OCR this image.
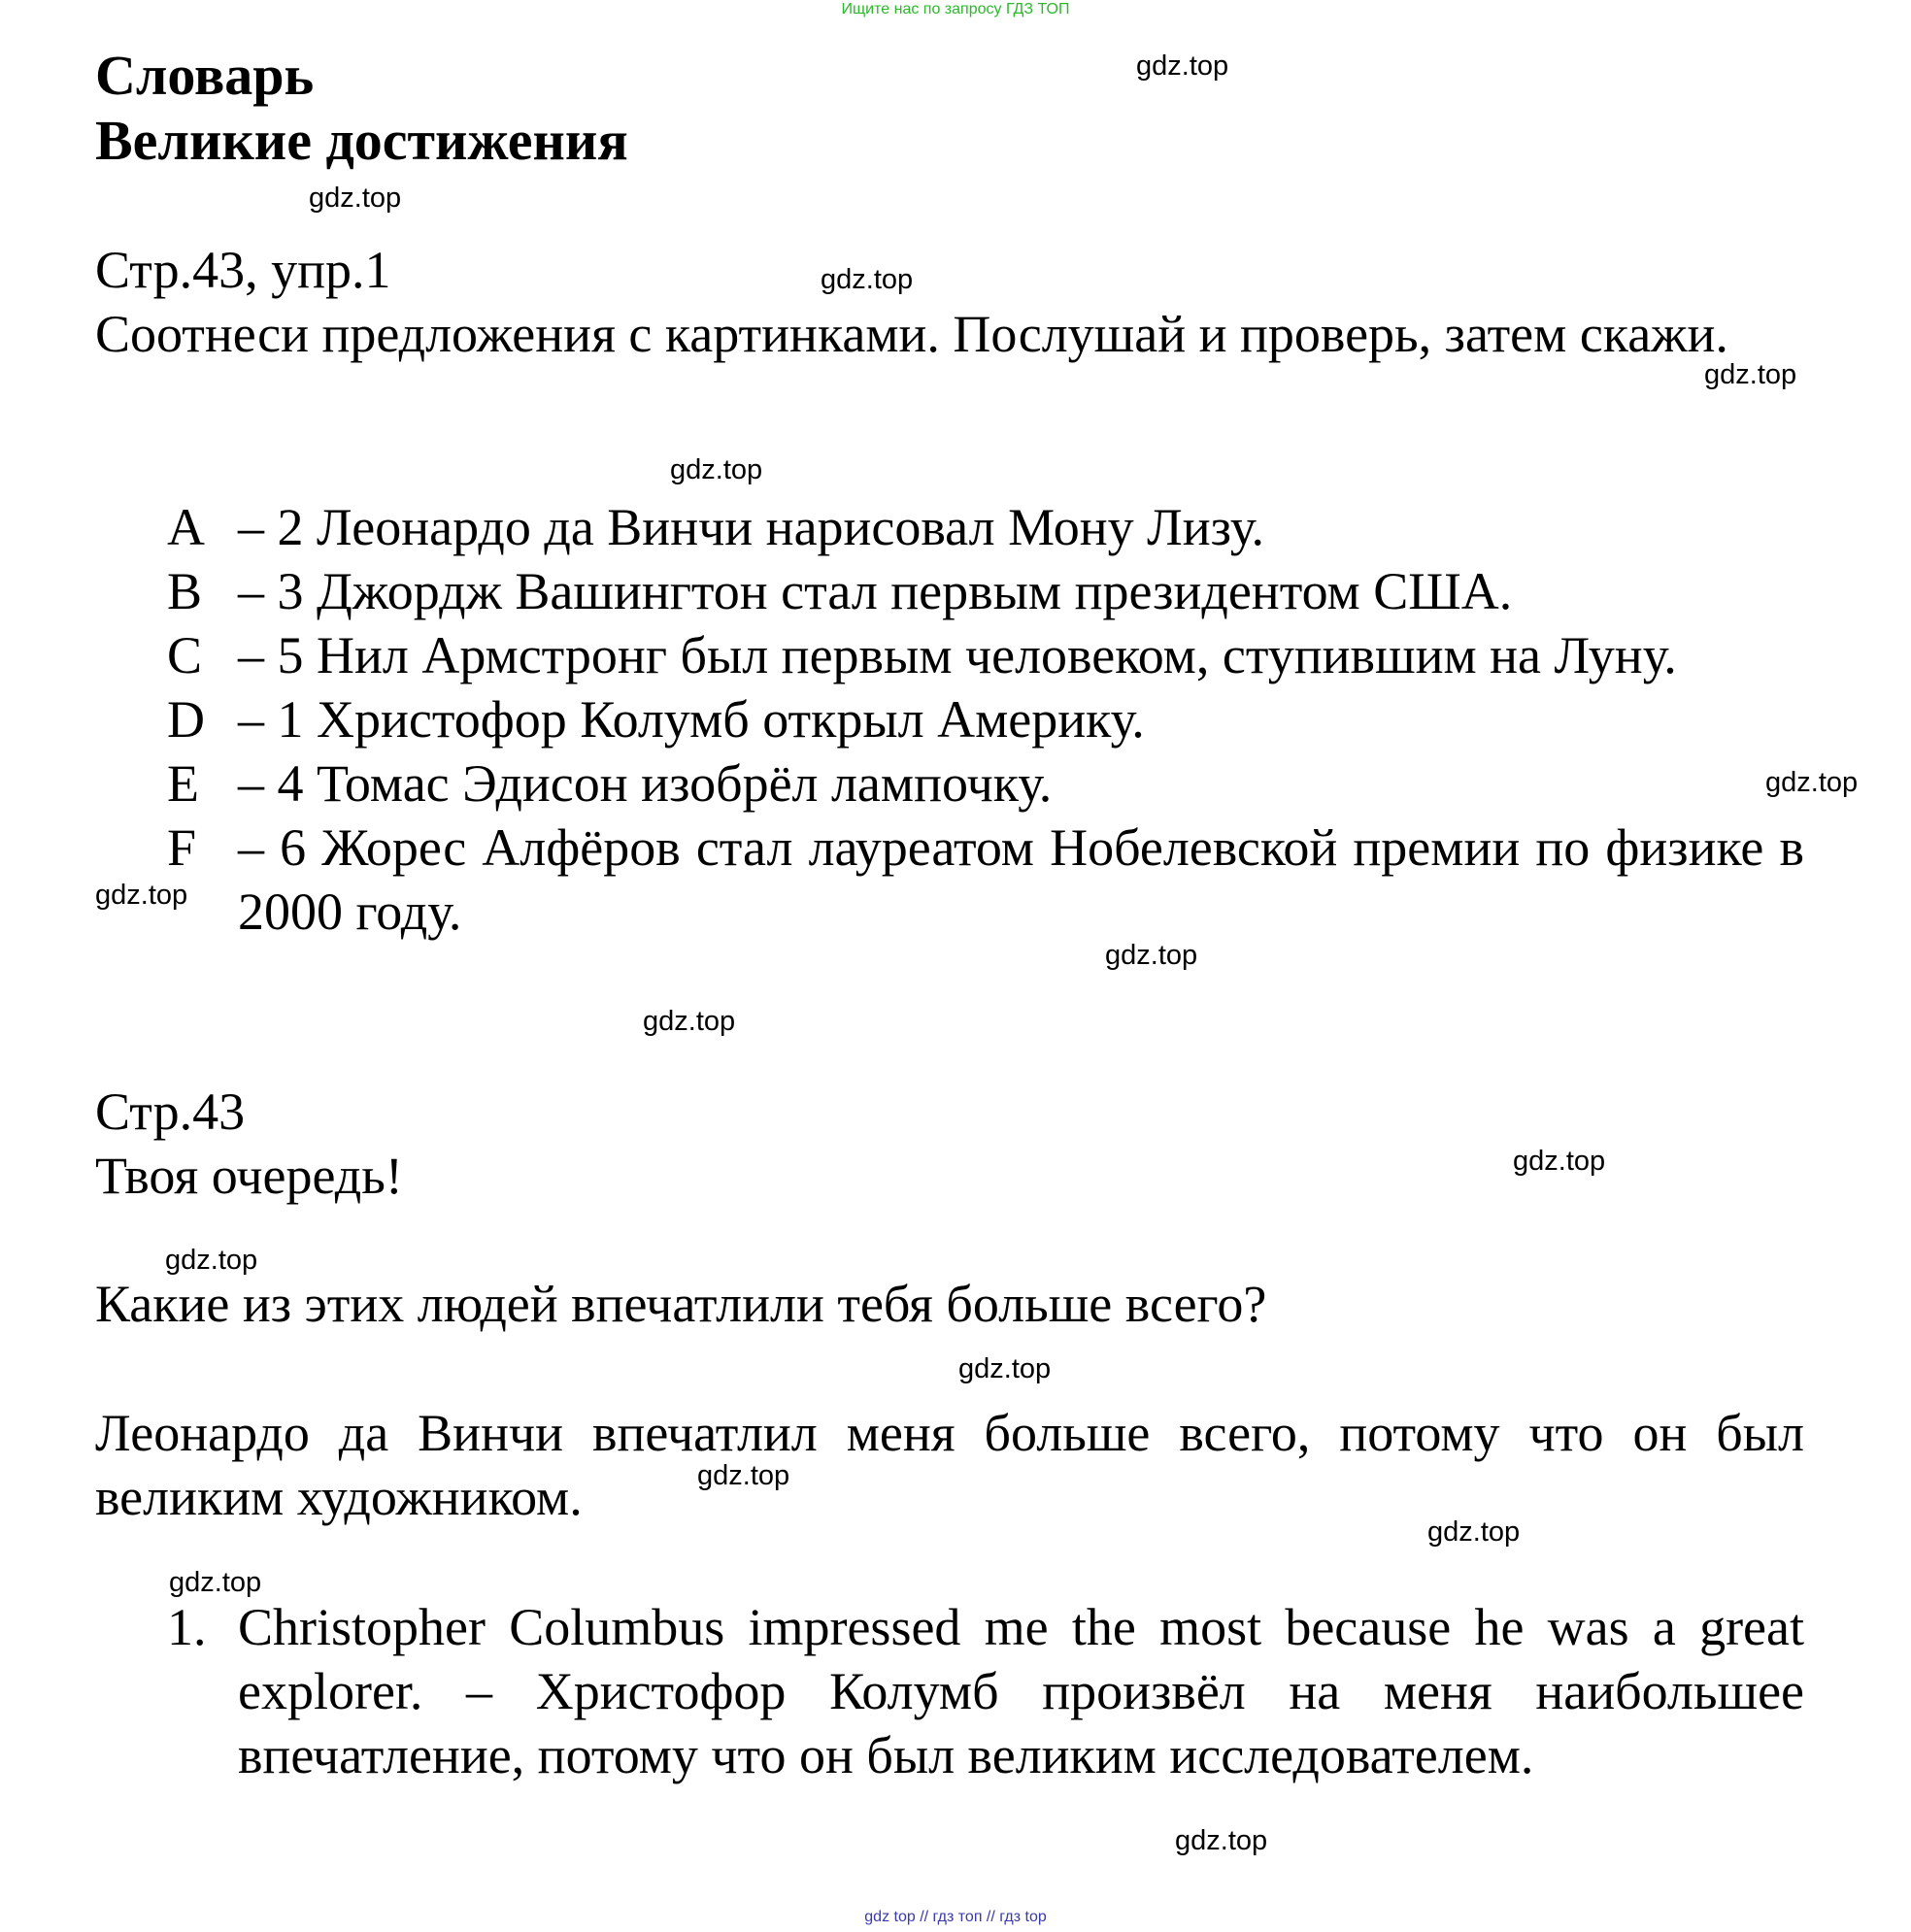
Ищите нас по запросу ГДЗ ТОП
Словарь
Великие достижения
Стр.43, упр.1
Соотнеси предложения с картинками. Послушай и проверь, затем скажи.
A – 2 Леонардо да Винчи нарисовал Мону Лизу.
B – 3 Джордж Вашингтон стал первым президентом США.
C – 5 Нил Армстронг был первым человеком, ступившим на Луну.
D – 1 Христофор Колумб открыл Америку.
E – 4 Томас Эдисон изобрёл лампочку.
F – 6 Жорес Алфёров стал лауреатом Нобелевской премии по физике в 2000 году.
Стр.43
Твоя очередь!
Какие из этих людей впечатлили тебя больше всего?
Леонардо да Винчи впечатлил меня больше всего, потому что он был великим художником.
1. Christopher Columbus impressed me the most because he was a great explorer. – Христофор Колумб произвёл на меня наибольшее впечатление, потому что он был великим исследователем.
gdz.top
gdz.top
gdz.top
gdz.top
gdz.top
gdz.top
gdz.top
gdz.top
gdz.top
gdz.top
gdz.top
gdz.top
gdz.top
gdz.top
gdz.top
gdz.top
gdz top // гдз топ // гдз top
